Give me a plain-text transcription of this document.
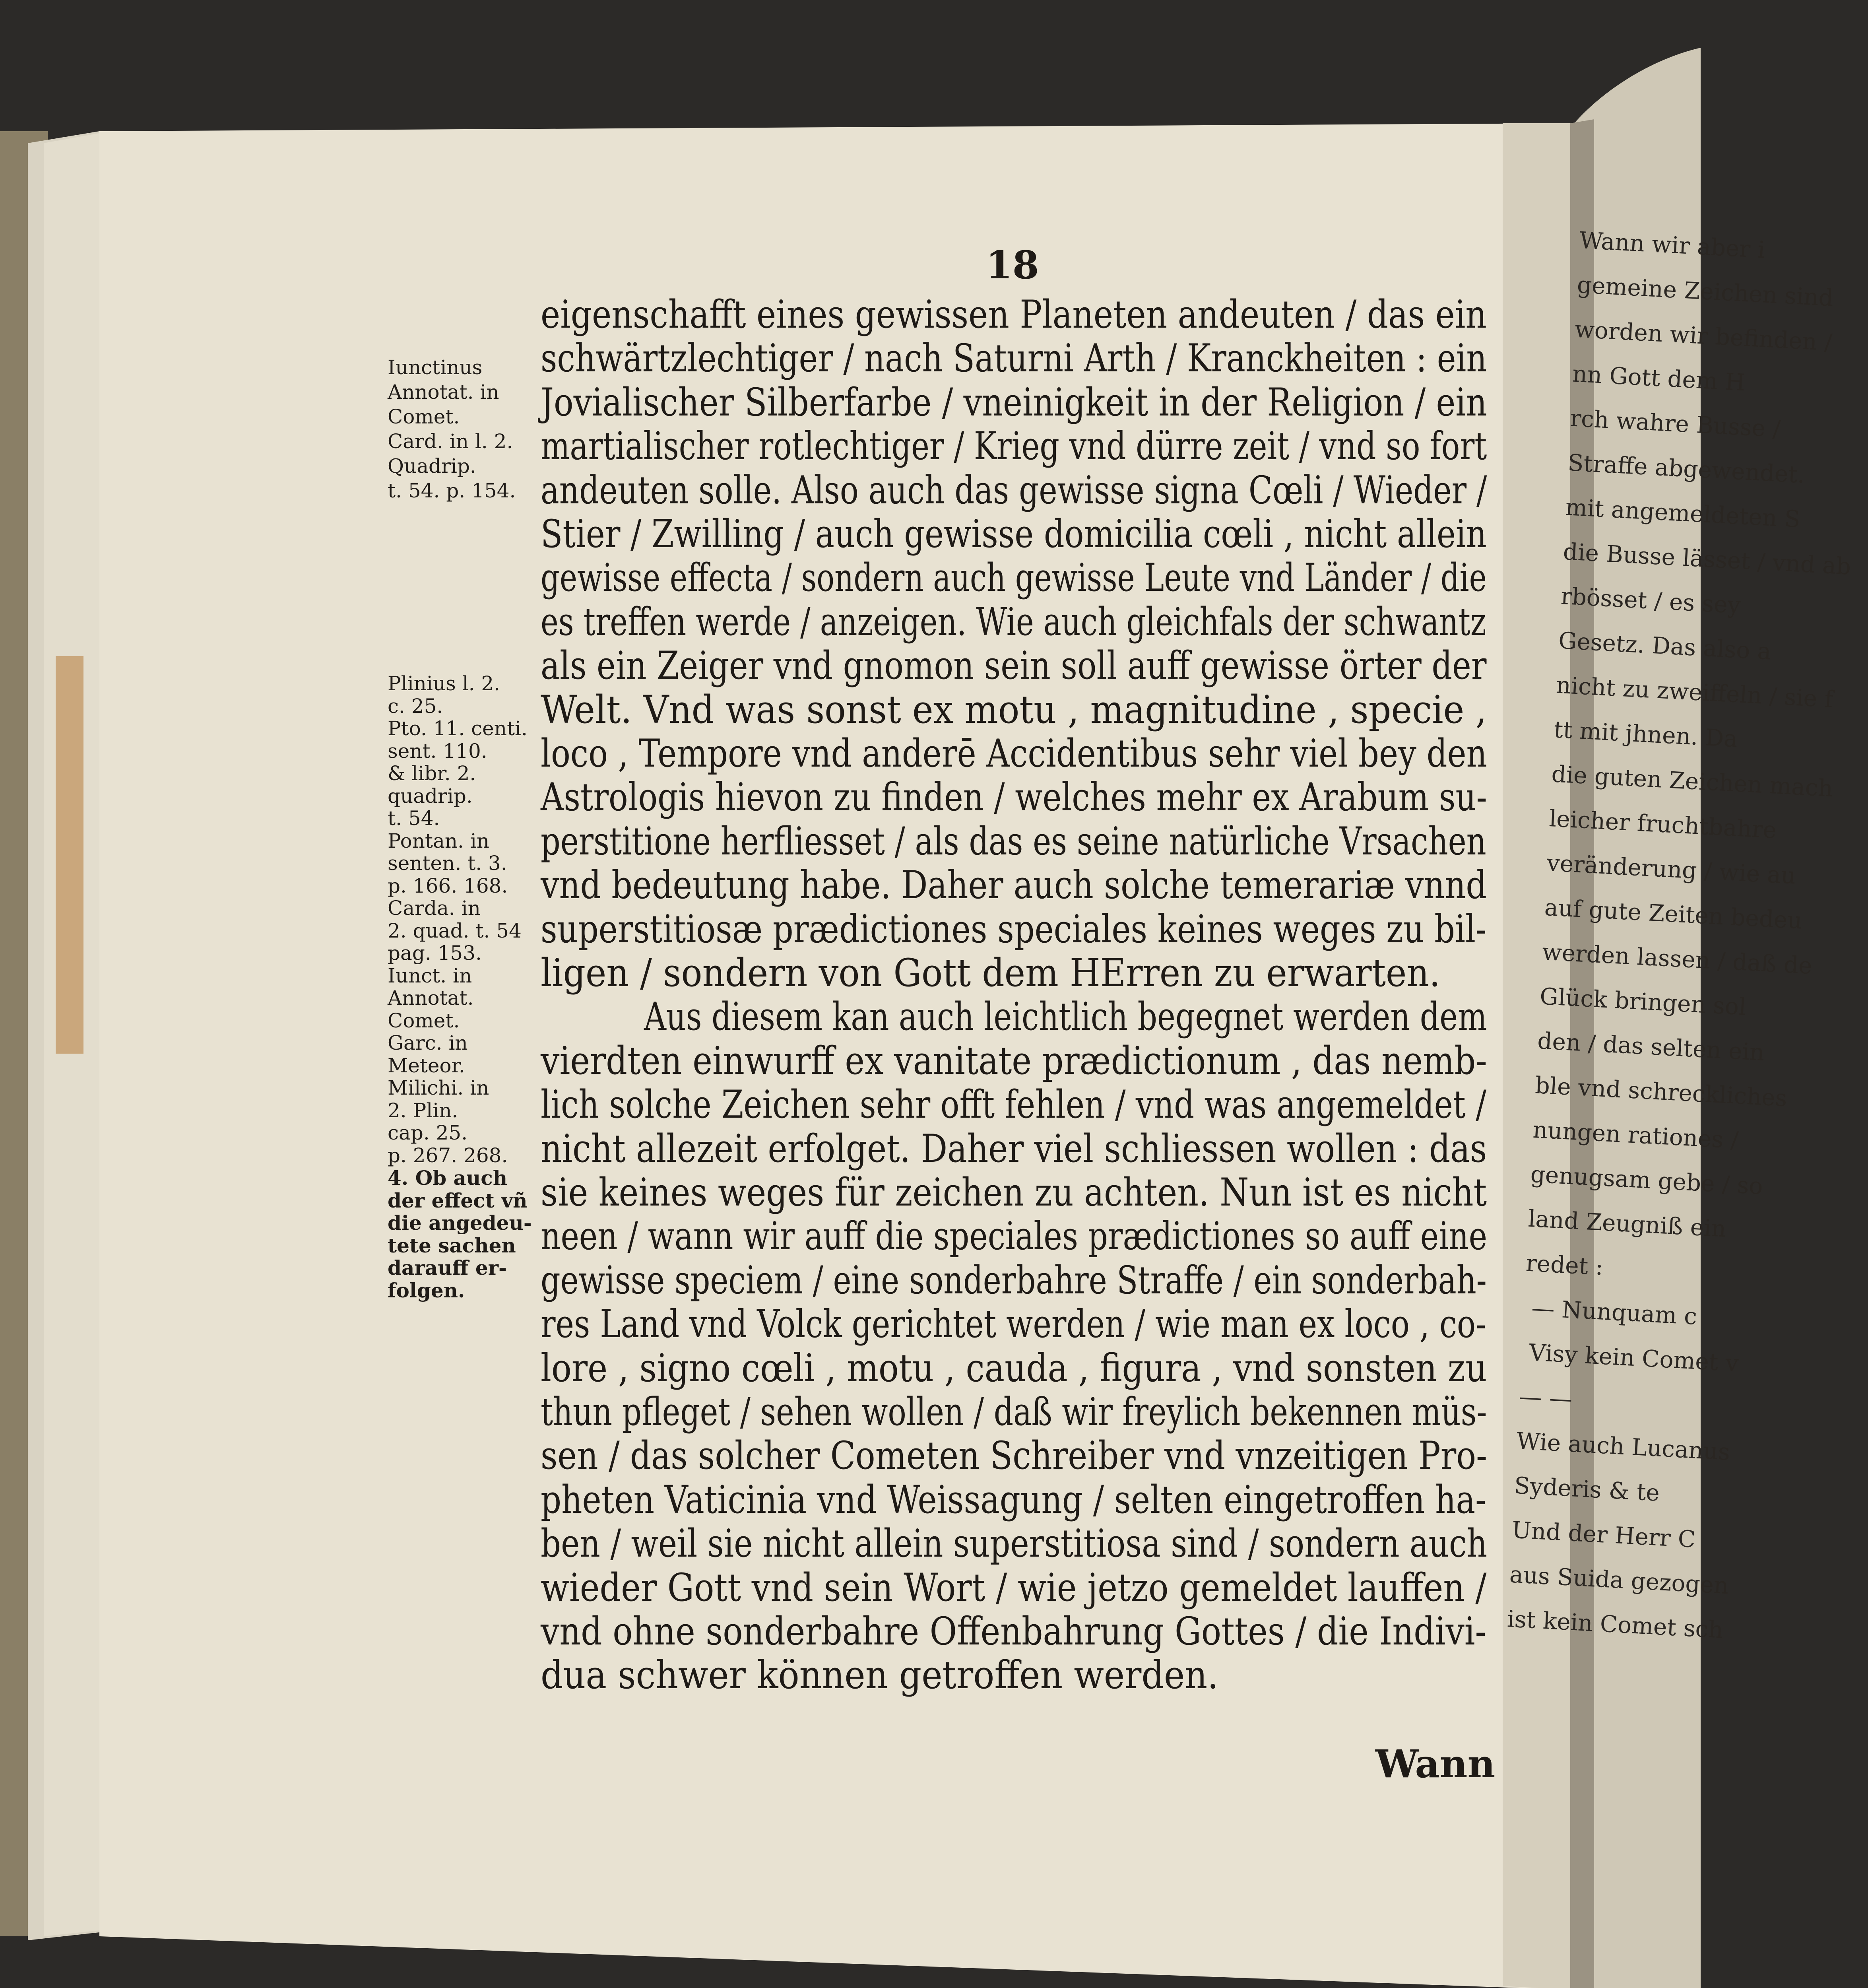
18
eigenschafft eines gewissen Planeten andeuten / das ein
schwärtzlechtiger / nach Saturni Arth / Kranckheiten : ein
Jovialischer Silberfarbe / vneinigkeit in der Religion / ein
martialischer rotlechtiger / Krieg vnd dürre zeit / vnd so fort
andeuten solle. Also auch das gewisse signa Cœli / Wieder /
Stier / Zwilling / auch gewisse domicilia cœli , nicht allein
gewisse effecta / sondern auch gewisse Leute vnd Länder / die
es treffen werde / anzeigen. Wie auch gleichfals der schwantz
als ein Zeiger vnd gnomon sein soll auff gewisse örter der
Welt. Vnd was sonst ex motu , magnitudine , specie ,
loco , Tempore vnd anderē Accidentibus sehr viel bey den
Astrologis hievon zu finden / welches mehr ex Arabum su-
perstitione herfliesset / als das es seine natürliche Vrsachen
vnd bedeutung habe. Daher auch solche temerariæ vnnd
superstitiosæ prædictiones speciales keines weges zu bil-
ligen / sondern von Gott dem HErren zu erwarten.
Aus diesem kan auch leichtlich begegnet werden dem
vierdten einwurff ex vanitate prædictionum , das nemb-
lich solche Zeichen sehr offt fehlen / vnd was angemeldet /
nicht allezeit erfolget. Daher viel schliessen wollen : das
sie keines weges für zeichen zu achten. Nun ist es nicht
neen / wann wir auff die speciales prædictiones so auff eine
gewisse speciem / eine sonderbahre Straffe / ein sonderbah-
res Land vnd Volck gerichtet werden / wie man ex loco , co-
lore , signo cœli , motu , cauda , figura , vnd sonsten zu
thun pfleget / sehen wollen / daß wir freylich bekennen müs-
sen / das solcher Cometen Schreiber vnd vnzeitigen Pro-
pheten Vaticinia vnd Weissagung / selten eingetroffen ha-
ben / weil sie nicht allein superstitiosa sind / sondern auch
wieder Gott vnd sein Wort / wie jetzo gemeldet lauffen /
vnd ohne sonderbahre Offenbahrung Gottes / die Indivi-
dua schwer können getroffen werden.
Wann
Iunctinus
Annotat. in
Comet.
Card. in l. 2.
Quadrip.
t. 54. p. 154.
Plinius l. 2.
c. 25.
Pto. 11. centi.
sent. 110.
& libr. 2.
quadrip.
t. 54.
Pontan. in
senten. t. 3.
p. 166. 168.
Carda. in
2. quad. t. 54
pag. 153.
Iunct. in
Annotat.
Comet.
Garc. in
Meteor.
Milichi. in
2. Plin.
cap. 25.
p. 267. 268.
4. Ob auch
der effect vñ
die angedeu-
tete sachen
darauff er-
folgen.
Wann wir aber i
gemeine Zeichen sind
worden wir befinden /
nn Gott dem H
rch wahre Busse /
Straffe abgewendet.
mit angemeldeten S
die Busse lässet / vnd ab
rbösset / es sey
Gesetz. Das also a
nicht zu zweiffeln / sie f
tt mit jhnen. Da
die guten Zeichen mach
leicher fruchtbahre
veränderung / wie au
auf gute Zeiten bedeu
werden lassen / daß de
Glück bringen sol
den / das selten ein
ble vnd schreckliches
nungen rationes /
genugsam gebe / so
land Zeugniß ein
redet :
— Nunquam c
Visy kein Comet v
— —
Wie auch Lucanus
Syderis & te
Und der Herr C
aus Suida gezogen
ist kein Comet sch
